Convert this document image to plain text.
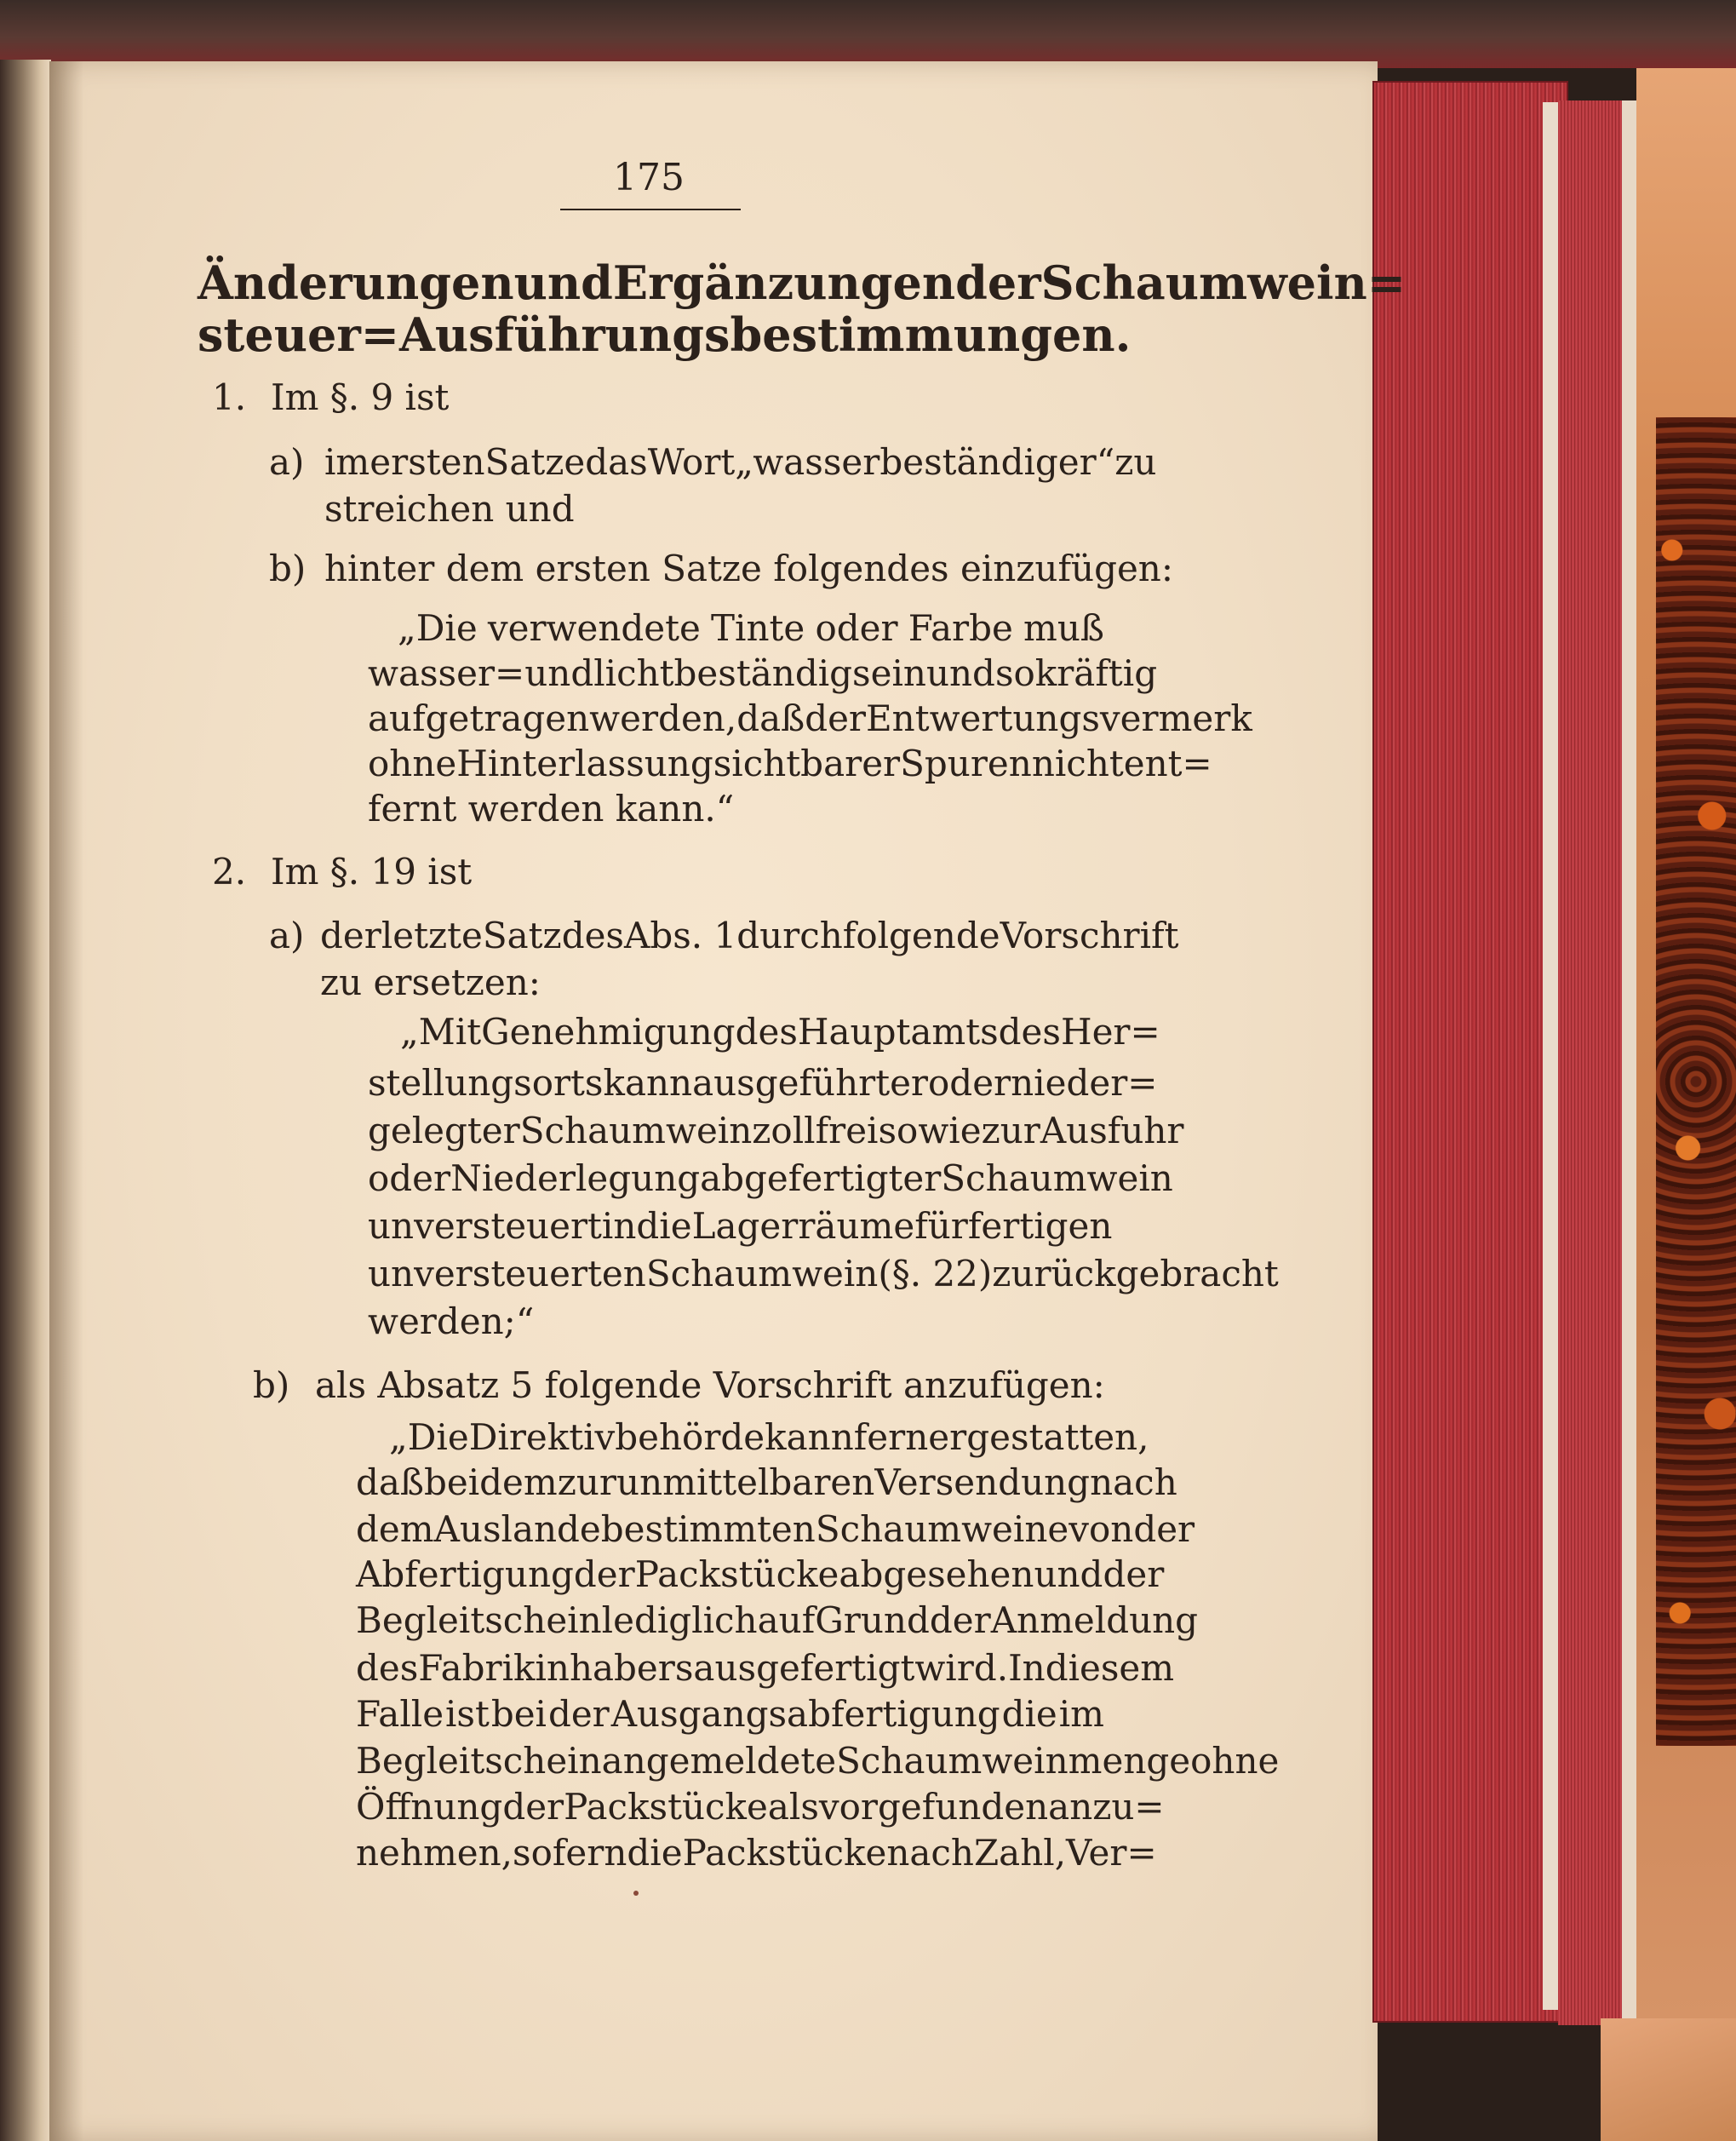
175
Änderungen und Ergänzungen der Schaumwein=
steuer=Ausführungsbestimmungen.
1. Im §. 9 ist
a) im ersten Satze das Wort „wasserbeständiger“ zu
streichen und
b) hinter dem ersten Satze folgendes einzufügen:
„Die verwendete Tinte oder Farbe muß
wasser= und lichtbeständig sein und so kräftig
aufgetragen werden, daß der Entwertungsvermerk
ohne Hinterlassung sichtbarer Spuren nicht ent=
fernt werden kann.“
2. Im §. 19 ist
a) der letzte Satz des Abs. 1 durch folgende Vorschrift
zu ersetzen:
„Mit Genehmigung des Hauptamts des Her=
stellungsorts kann ausgeführter oder nieder=
gelegter Schaumwein zollfrei sowie zur Ausfuhr
oder Niederlegung abgefertigter Schaumwein
unversteuert in die Lagerräume für fertigen
unversteuerten Schaumwein (§. 22) zurückgebracht
werden;“
b) als Absatz 5 folgende Vorschrift anzufügen:
„Die Direktivbehörde kann ferner gestatten,
daß bei dem zur unmittelbaren Versendung nach
dem Auslande bestimmten Schaumweine von der
Abfertigung der Packstücke abgesehen und der
Begleitschein lediglich auf Grund der Anmeldung
des Fabrikinhabers ausgefertigt wird. In diesem
Falle ist bei der Ausgangsabfertigung die im
Begleitschein angemeldete Schaumweinmenge ohne
Öffnung der Packstücke als vorgefunden anzu=
nehmen, sofern die Packstücke nach Zahl, Ver=
